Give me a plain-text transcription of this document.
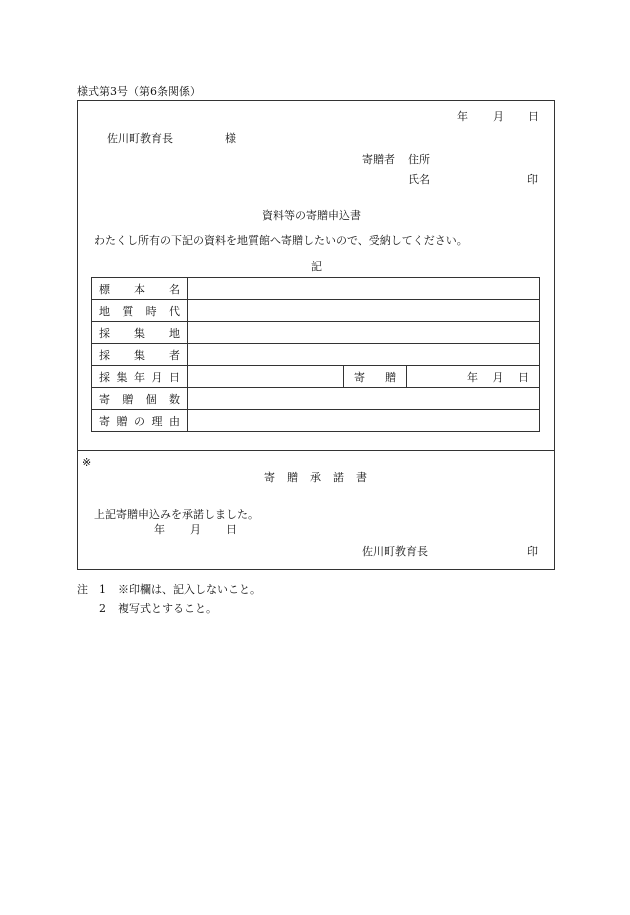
様式第3号（第6条関係）
年 月 日
佐川町教育長	様
寄贈者 住所
氏名	印
資料等の寄贈申込書
わたくし所有の下記の資料を地質館へ寄贈したいので、受納してください。
記
標 本 名			

地 質 時 代			

採 集 地			

採 集 者			

採 集 年 月 日		寄 贈	年 月 日

寄 贈 個 数			

寄 贈 の 理 由			

※
寄 贈 承 諾 書
上記寄贈申込みを承諾しました。
年 月 日
佐川町教育長	印
注 1 ※印欄は、記入しないこと。
2 複写式とすること。
